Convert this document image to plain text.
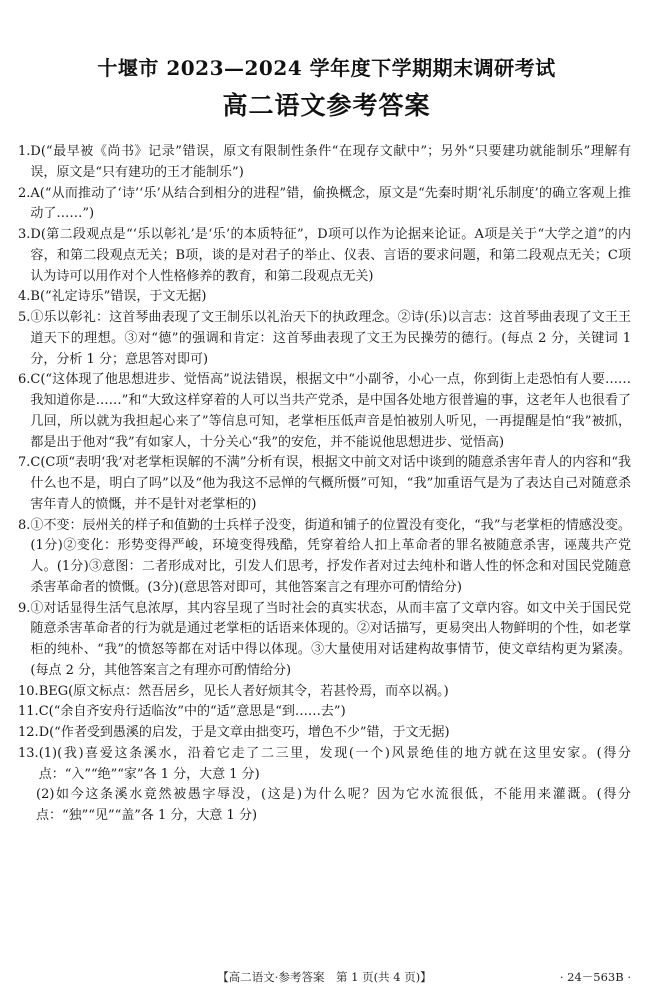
十堰市 2023—2024 学年度下学期期末调研考试
高二语文参考答案
1. D(“最早被《尚书》记录”错误，原文有限制性条件“在现存文献中”；另外“只要建功就能制乐”理解有误，原文是“只有建功的王才能制乐”)
2. A(“从而推动了‘诗’‘乐’从结合到相分的进程”错，偷换概念，原文是“先秦时期‘礼乐制度’的确立客观上推动了……”)
3. D(第二段观点是“‘乐以彰礼’是‘乐’的本质特征”，D项可以作为论据来论证。A项是关于“大学之道”的内容，和第二段观点无关；B项，谈的是对君子的举止、仪表、言语的要求问题，和第二段观点无关；C项认为诗可以用作对个人性格修养的教育，和第二段观点无关)
4. B(“礼定诗乐”错误，于文无据)
5. ①乐以彰礼：这首琴曲表现了文王制乐以礼治天下的执政理念。②诗(乐)以言志：这首琴曲表现了文王王道天下的理想。③对“德”的强调和肯定：这首琴曲表现了文王为民操劳的德行。(每点 2 分，关键词 1 分，分析 1 分；意思答对即可)
6. C(“这体现了他思想进步、觉悟高”说法错误，根据文中“小副爷，小心一点，你到街上走恐怕有人要……我知道你是……”和“大致这样穿着的人可以当共产党杀，是中国各处地方很普遍的事，这老年人也很看了几回，所以就为我担起心来了”等信息可知，老掌柜压低声音是怕被别人听见，一再提醒是怕“我”被抓，都是出于他对“我”有如家人，十分关心“我”的安危，并不能说他思想进步、觉悟高)
7. C(C项“表明‘我’对老掌柜误解的不满”分析有误，根据文中前文对话中谈到的随意杀害年青人的内容和“我什么也不是，明白了吗”以及“他为我这不忌惮的气概所慑”可知，“我”加重语气是为了表达自己对随意杀害年青人的愤慨，并不是针对老掌柜的)
8. ①不变：辰州关的样子和值勤的士兵样子没变，街道和铺子的位置没有变化，“我”与老掌柜的情感没变。(1分)②变化：形势变得严峻，环境变得残酷，凭穿着给人扣上革命者的罪名被随意杀害，诬蔑共产党人。(1分)③意图：二者形成对比，引发人们思考，抒发作者对过去纯朴和谐人性的怀念和对国民党随意杀害革命者的愤慨。(3分)(意思答对即可，其他答案言之有理亦可酌情给分)
9. ①对话显得生活气息浓厚，其内容呈现了当时社会的真实状态，从而丰富了文章内容。如文中关于国民党随意杀害革命者的行为就是通过老掌柜的话语来体现的。②对话描写，更易突出人物鲜明的个性，如老掌柜的纯朴、“我”的愤怒等都在对话中得以体现。③大量使用对话建构故事情节，使文章结构更为紧凑。(每点 2 分，其他答案言之有理亦可酌情给分)
10. BEG(原文标点：然吾居乡，见长人者好烦其令，若甚怜焉，而卒以祸。)
11. C(“余自齐安舟行适临汝”中的“适”意思是“到……去”)
12. D(“作者受到愚溪的启发，于是文章由拙变巧，增色不少”错，于文无据)
13. (1)(我)喜爱这条溪水，沿着它走了二三里，发现(一个)风景绝佳的地方就在这里安家。(得分点：“入”“绝”“家”各 1 分，大意 1 分)
(2)如今这条溪水竟然被愚字辱没，(这是)为什么呢？因为它水流很低，不能用来灌溉。(得分点：“独”“见”“盖”各 1 分，大意 1 分)
【高二语文·参考答案　第 1 页(共 4 页)】	· 24－563B ·
